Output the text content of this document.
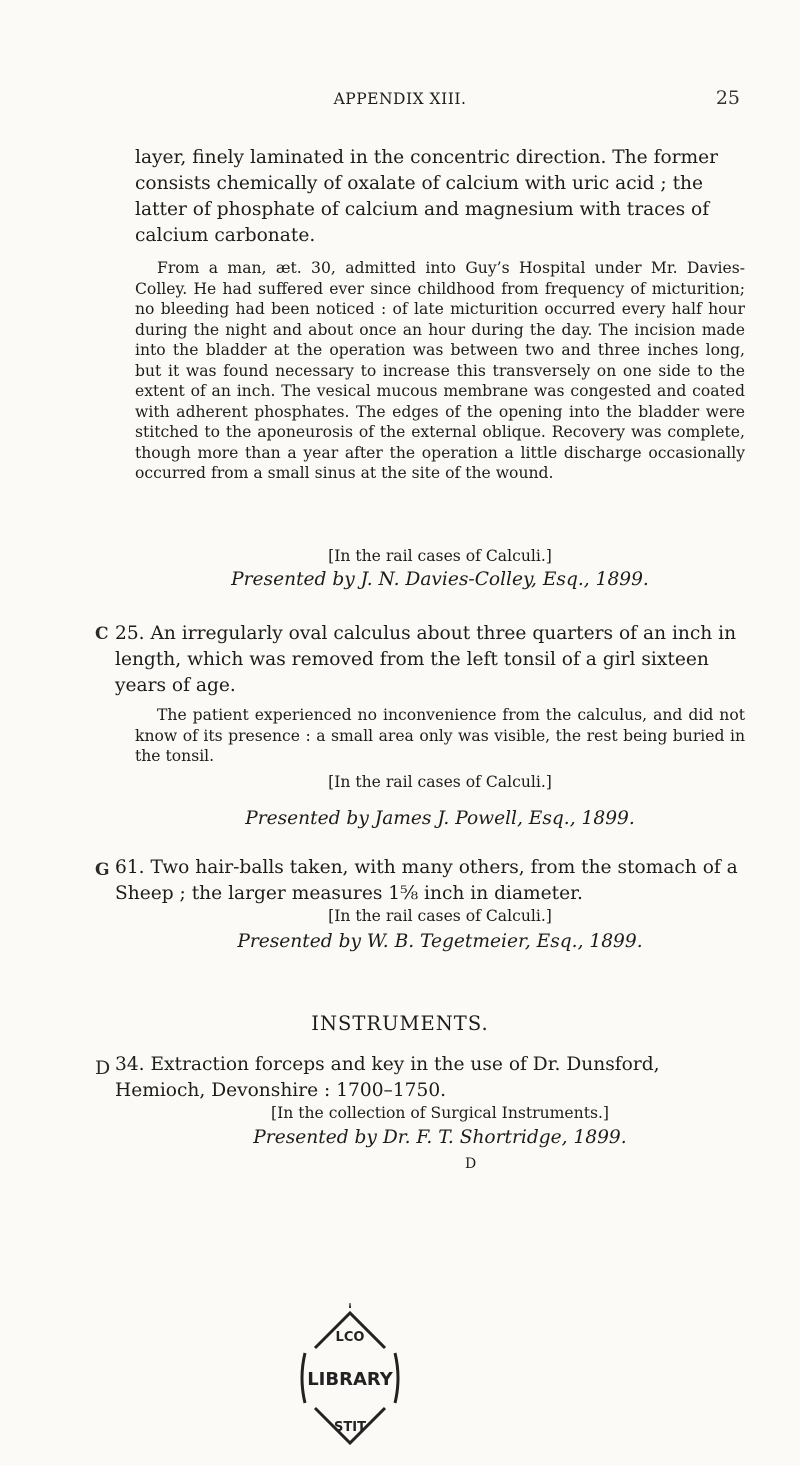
APPENDIX XIII.	25
layer, finely laminated in the concentric direction. The former consists chemically of oxalate of calcium with uric acid ; the latter of phosphate of calcium and magnesium with traces of calcium carbonate.
From a man, æt. 30, admitted into Guy’s Hospital under Mr. Davies-Colley. He had suffered ever since childhood from frequency of micturition; no bleeding had been noticed : of late micturition occurred every half hour during the night and about once an hour during the day. The incision made into the bladder at the operation was between two and three inches long, but it was found necessary to increase this transversely on one side to the extent of an inch. The vesical mucous membrane was congested and coated with adherent phosphates. The edges of the opening into the bladder were stitched to the aponeurosis of the external oblique. Recovery was complete, though more than a year after the operation a little discharge occasionally occurred from a small sinus at the site of the wound.
[In the rail cases of Calculi.]
Presented by J. N. Davies-Colley, Esq., 1899.
C 25. An irregularly oval calculus about three quarters of an inch in length, which was removed from the left tonsil of a girl sixteen years of age.
The patient experienced no inconvenience from the calculus, and did not know of its presence : a small area only was visible, the rest being buried in the tonsil.
[In the rail cases of Calculi.]
Presented by James J. Powell, Esq., 1899.
G 61. Two hair-balls taken, with many others, from the stomach of a Sheep ; the larger measures 1⅝ inch in diameter.
[In the rail cases of Calculi.]
Presented by W. B. Tegetmeier, Esq., 1899.
INSTRUMENTS.
D 34. Extraction forceps and key in the use of Dr. Dunsford, Hemioch, Devonshire : 1700–1750.
[In the collection of Surgical Instruments.]
Presented by Dr. F. T. Shortridge, 1899.
D
LCO
LIBRARY
STIT
